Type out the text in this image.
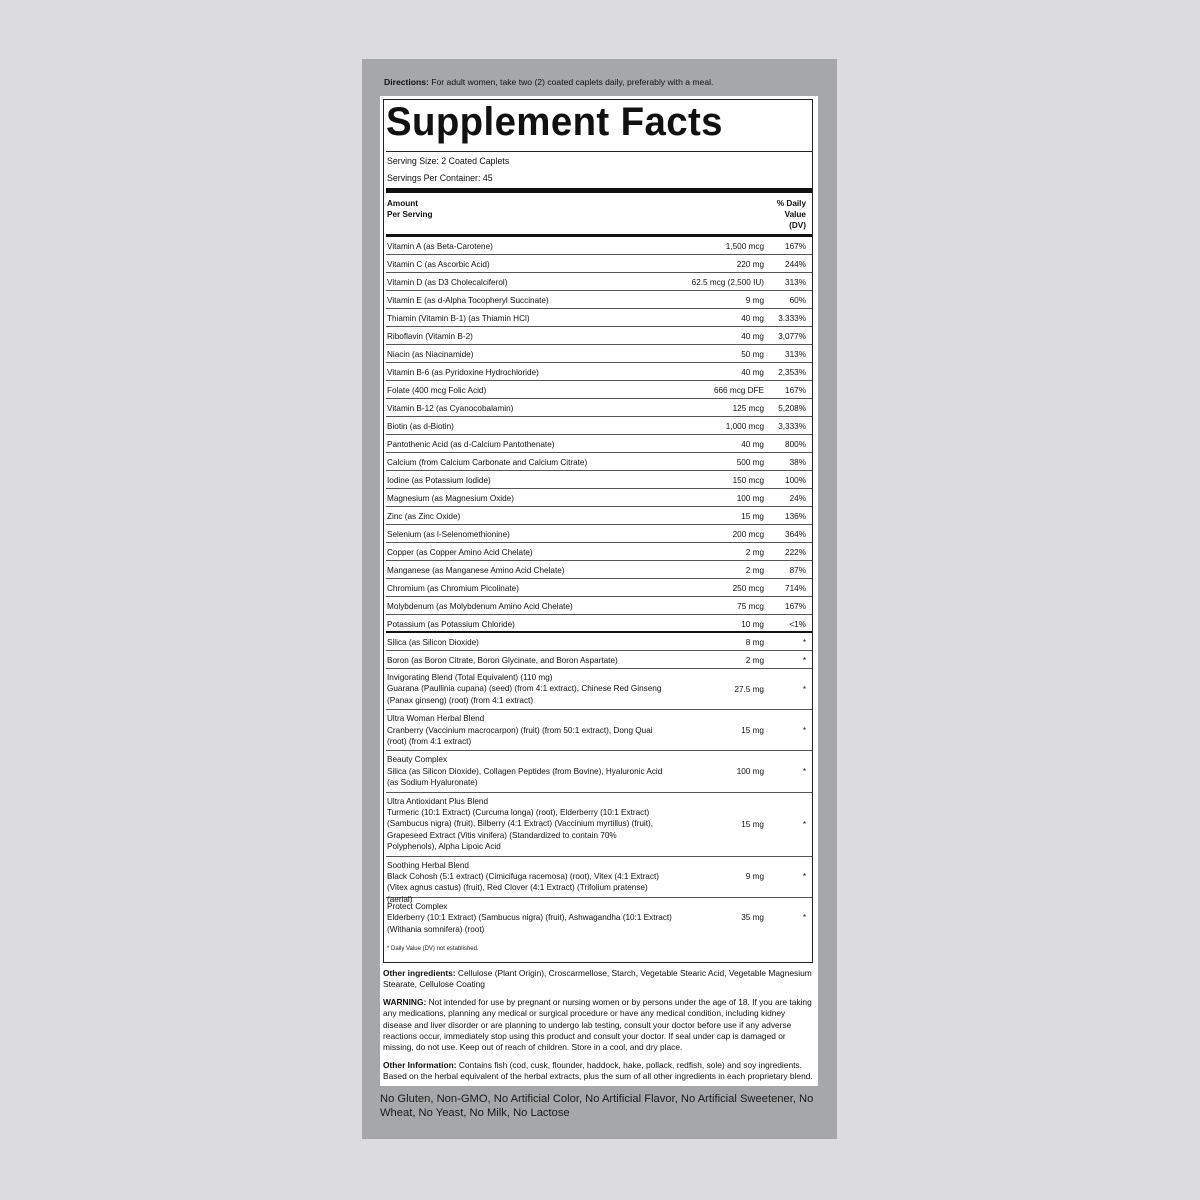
Directions: For adult women, take two (2) coated caplets daily, preferably with a meal.
Supplement Facts
Serving Size: 2 Coated Caplets
Servings Per Container: 45
Amount
Per Serving
% Daily
Value
(DV)
Vitamin A (as Beta-Carotene)	1,500 mcg	167%
Vitamin C (as Ascorbic Acid)	220 mg	244%
Vitamin D (as D3 Cholecalciferol)	62.5 mcg (2,500 IU)	313%
Vitamin E (as d-Alpha Tocopheryl Succinate)	9 mg	60%
Thiamin (Vitamin B-1) (as Thiamin HCl)	40 mg 3.333%
Riboflavin (Vitamin B-2)	40 mg 3,077%
Niacin (as Niacinamide)	50 mg	313%
Vitamin B-6 (as Pyridoxine Hydrochloride)	40 mg 2,353%
Folate (400 mcg Folic Acid)	666 mcg DFE	167%
Vitamin B-12 (as Cyanocobalamin)	125 mcg 5,208%
Biotin (as d-Biotin)	1,000 mcg 3,333%
Pantothenic Acid (as d-Calcium Pantothenate)	40 mg	800%
Calcium (from Calcium Carbonate and Calcium Citrate)	500 mg	38%
Iodine (as Potassium Iodide)	150 mcg	100%
Magnesium (as Magnesium Oxide)	100 mg	24%
Zinc (as Zinc Oxide)	15 mg	136%
Selenium (as l-Selenomethionine)	200 mcg	364%
Copper (as Copper Amino Acid Chelate)	2 mg	222%
Manganese (as Manganese Amino Acid Chelate)	2 mg	87%
Chromium (as Chromium Picolinate)	250 mcg	714%
Molybdenum (as Molybdenum Amino Acid Chelate)	75 mcg	167%
Potassium (as Potassium Chloride)	10 mg	<1%
Silica (as Silicon Dioxide)	8 mg	*
Boron (as Boron Citrate, Boron Glycinate, and Boron Aspartate)	2 mg	*
Invigorating Blend (Total Equivalent) (110 mg)
Guarana (Paullinia cupana) (seed) (from 4:1 extract), Chinese Red Ginseng (Panax ginseng) (root) (from 4:1 extract)
27.5 mg	*
Ultra Woman Herbal Blend
Cranberry (Vaccinium macrocarpon) (fruit) (from 50:1 extract), Dong Quai (root) (from 4:1 extract)
15 mg	*
Beauty Complex
Silica (as Silicon Dioxide), Collagen Peptides (from Bovine), Hyaluronic Acid (as Sodium Hyaluronate)
100 mg	*
Ultra Antioxidant Plus Blend
Turmeric (10:1 Extract) (Curcuma longa) (root), Elderberry (10:1 Extract) (Sambucus nigra) (fruit), Bilberry (4:1 Extract) (Vaccinium myrtillus) (fruit), Grapeseed Extract (Vitis vinifera) (Standardized to contain 70% Polyphenols), Alpha Lipoic Acid
15 mg	*
Soothing Herbal Blend
Black Cohosh (5:1 extract) (Cimicifuga racemosa) (root), Vitex (4:1 Extract) (Vitex agnus castus) (fruit), Red Clover (4:1 Extract) (Trifolium pratense) (aerial)
9 mg	*
Protect Complex
Elderberry (10:1 Extract) (Sambucus nigra) (fruit), Ashwagandha (10:1 Extract) (Withania somnifera) (root)
35 mg	*
* Daily Value (DV) not established.
Other ingredients: Cellulose (Plant Origin), Croscarmellose, Starch, Vegetable Stearic Acid, Vegetable Magnesium Stearate, Cellulose Coating
WARNING: Not intended for use by pregnant or nursing women or by persons under the age of 18. If you are taking any medications, planning any medical or surgical procedure or have any medical condition, including kidney disease and liver disorder or are planning to undergo lab testing, consult your doctor before use if any adverse reactions occur, immediately stop using this product and consult your doctor. If seal under cap is damaged or missing, do not use. Keep out of reach of children. Store in a cool, and dry place.
Other Information: Contains fish (cod, cusk, flounder, haddock, hake, pollack, redfish, sole) and soy ingredients. Based on the herbal equivalent of the herbal extracts, plus the sum of all other ingredients in each proprietary blend.
No Gluten, Non-GMO, No Artificial Color, No Artificial Flavor, No Artificial Sweetener, No Wheat, No Yeast, No Milk, No Lactose
